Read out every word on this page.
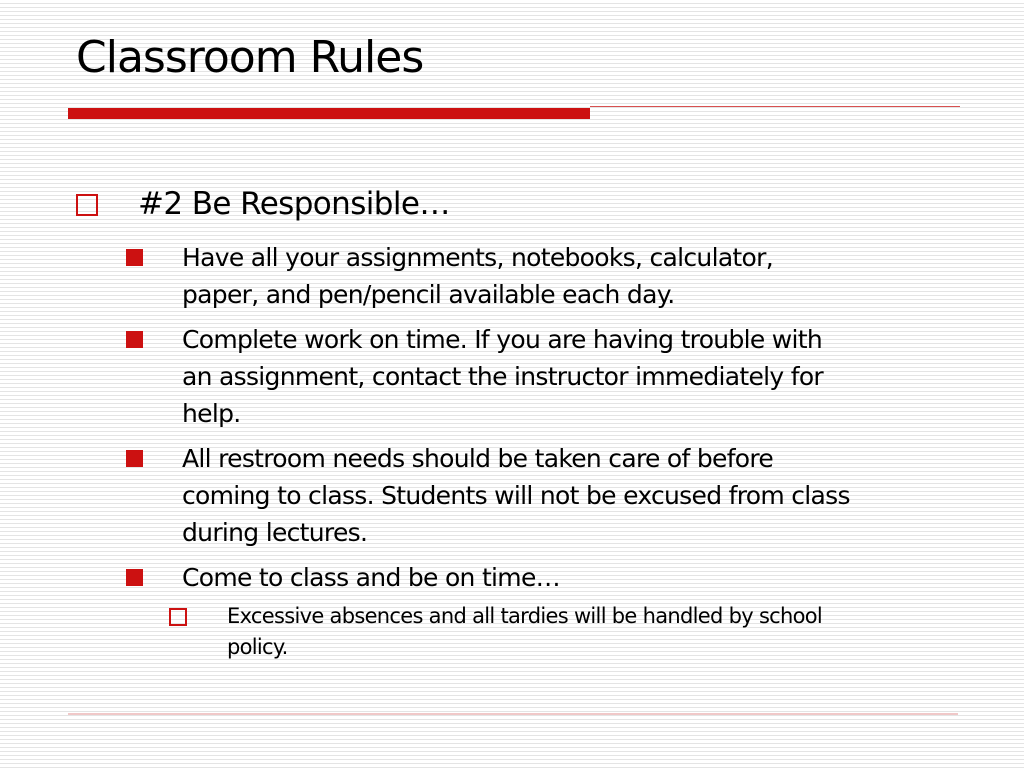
Classroom Rules
#2 Be Responsible…
Have all your assignments, notebooks, calculator,
paper, and pen/pencil available each day.
Complete work on time. If you are having trouble with
an assignment, contact the instructor immediately for
help.
All restroom needs should be taken care of before
coming to class. Students will not be excused from class
during lectures.
Come to class and be on time…
Excessive absences and all tardies will be handled by school
policy.
